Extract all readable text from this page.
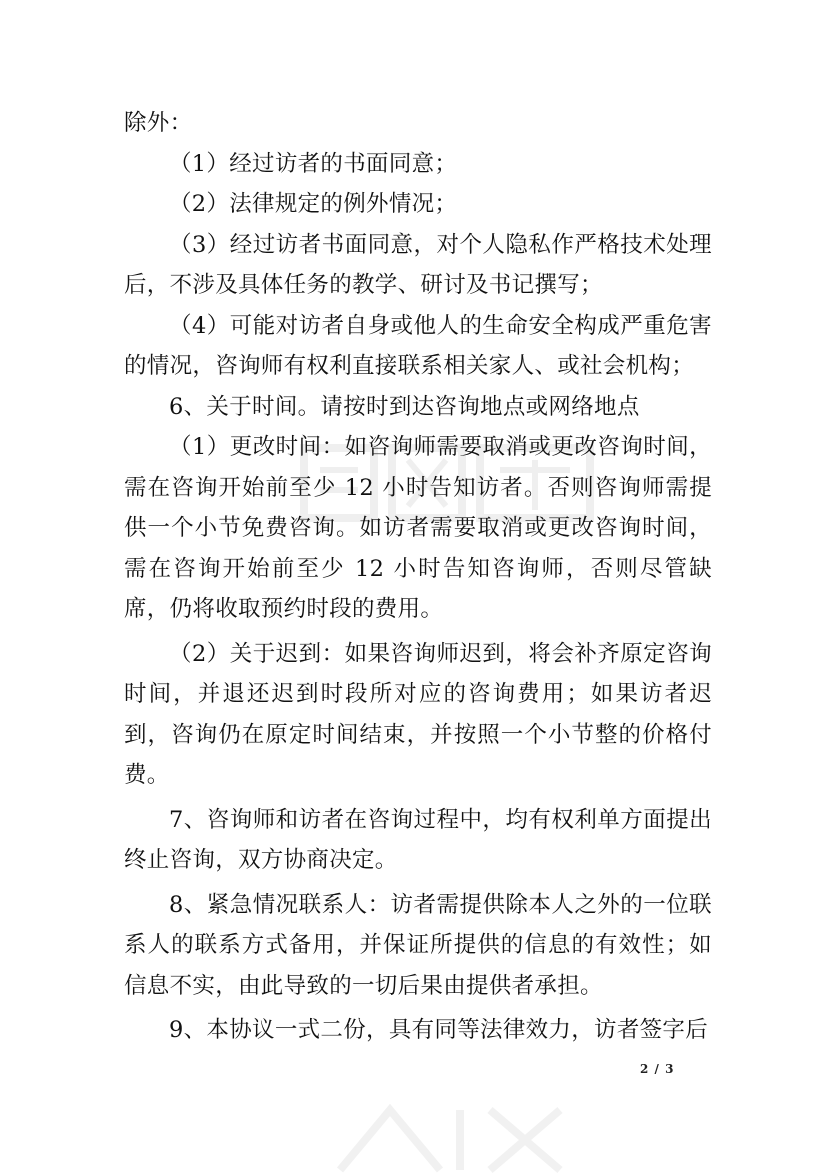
除外：

（1）经过访者的书面同意；

（2）法律规定的例外情况；

（3）经过访者书面同意，对个人隐私作严格技术处理后，不涉及具体任务的教学、研讨及书记撰写；

（4）可能对访者自身或他人的生命安全构成严重危害的情况，咨询师有权利直接联系相关家人、或社会机构；

6、关于时间。请按时到达咨询地点或网络地点

（1）更改时间：如咨询师需要取消或更改咨询时间，需在咨询开始前至少 12 小时告知访者。否则咨询师需提供一个小节免费咨询。如访者需要取消或更改咨询时间，需在咨询开始前至少 12 小时告知咨询师，否则尽管缺席，仍将收取预约时段的费用。

（2）关于迟到：如果咨询师迟到，将会补齐原定咨询时间，并退还迟到时段所对应的咨询费用；如果访者迟到，咨询仍在原定时间结束，并按照一个小节整的价格付费。

7、咨询师和访者在咨询过程中，均有权利单方面提出终止咨询，双方协商决定。

8、紧急情况联系人：访者需提供除本人之外的一位联系人的联系方式备用，并保证所提供的信息的有效性；如信息不实，由此导致的一切后果由提供者承担。

9、本协议一式二份，具有同等法律效力，访者签字后

2 / 3
